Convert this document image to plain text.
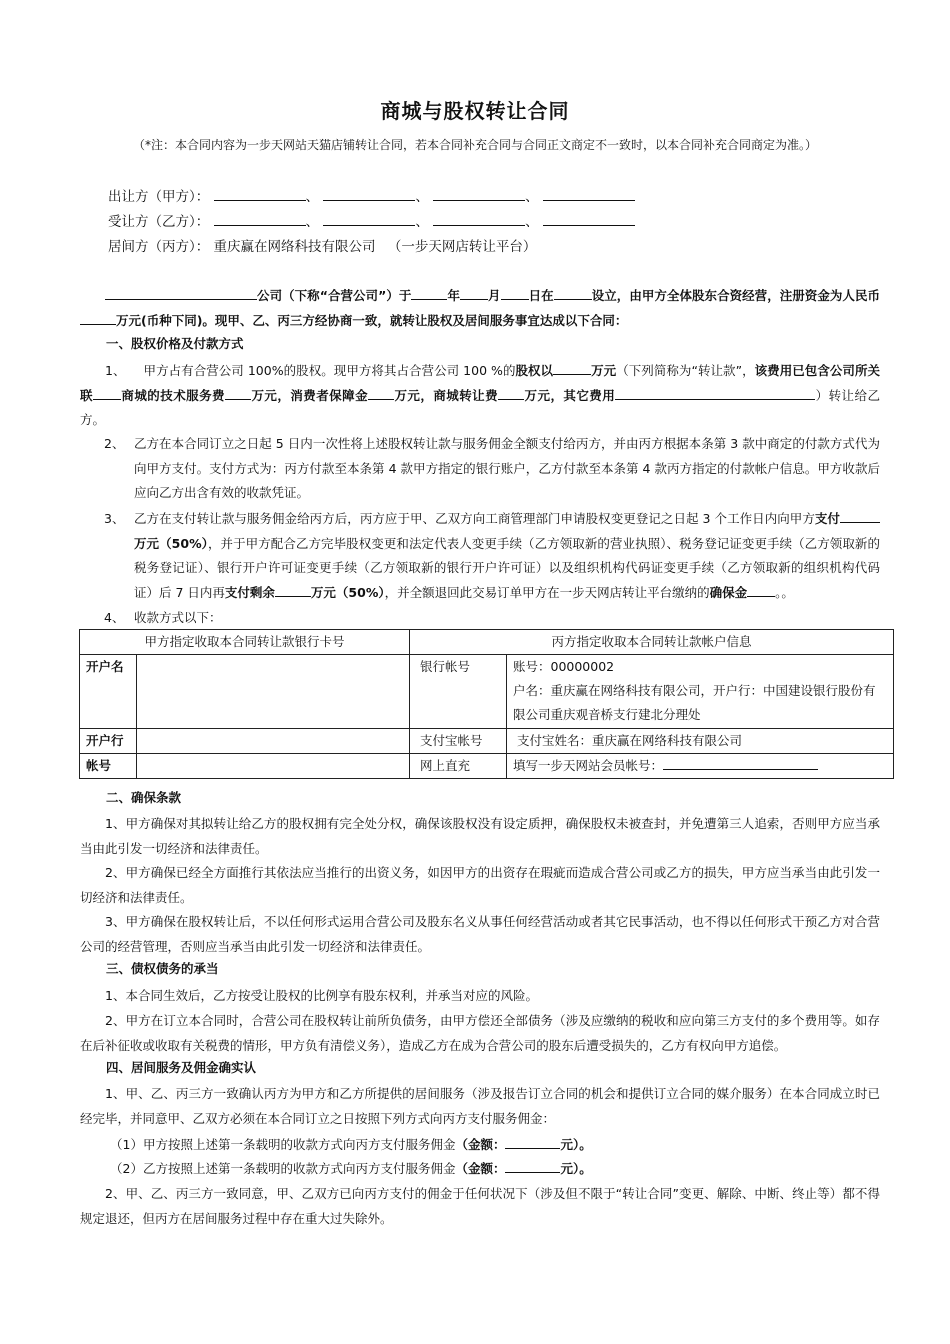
商城与股权转让合同
（*注：本合同内容为一步天网站天猫店铺转让合同，若本合同补充合同与合同正文商定不一致时，以本合同补充合同商定为准。）
出让方（甲方）：	、	、	、
受让方（乙方）：	、	、	、
居间方（丙方）： 重庆赢在网络科技有限公司 （一步天网店转让平台）
公司（下称“合营公司”）于	年 月 日在	设立，由甲方全体股东合资经营，注册资金为人民币万元(币种下同)。现甲、乙、丙三方经协商一致，就转让股权及居间服务事宜达成以下合同：
一、股权价格及付款方式
1、 甲方占有合营公司 100%的股权。现甲方将其占合营公司 100 %的股权以	万元（下列简称为“转让款”，该费用已包含公司所关联 商城的技术服务费 万元，消费者保障金 万元，商城转让费 万元，其它费用	）转让给乙方。
2、 乙方在本合同订立之日起 5 日内一次性将上述股权转让款与服务佣金全额支付给丙方，并由丙方根据本条第 3 款中商定的付款方式代为向甲方支付。支付方式为：丙方付款至本条第 4 款甲方指定的银行账户，乙方付款至本条第 4 款丙方指定的付款帐户信息。甲方收款后应向乙方出含有效的收款凭证。
3、 乙方在支付转让款与服务佣金给丙方后，丙方应于甲、乙双方向工商管理部门申请股权变更登记之日起 3 个工作日内向甲方支付万元（50%），并于甲方配合乙方完毕股权变更和法定代表人变更手续（乙方领取新的营业执照）、税务登记证变更手续（乙方领取新的税务登记证）、银行开户许可证变更手续（乙方领取新的银行开户许可证）以及组织机构代码证变更手续（乙方领取新的组织机构代码证）后 7 日内再支付剩余	万元（50%），并全额退回此交易订单甲方在一步天网店转让平台缴纳的确保金 。。
4、 收款方式以下：
甲方指定收取本合同转让款银行卡号		丙方指定收取本合同转让款帐户信息	
开户名		银行帐号	账号：00000002
户名：重庆赢在网络科技有限公司，开户行：中国建设银行股份有限公司重庆观音桥支行建北分理处

开户行		支付宝帐号	支付宝姓名：重庆赢在网络科技有限公司
帐号		网上直充	填写一步天网站会员帐号：
二、确保条款
1、甲方确保对其拟转让给乙方的股权拥有完全处分权，确保该股权没有设定质押，确保股权未被查封，并免遭第三人追索，否则甲方应当承当由此引发一切经济和法律责任。
2、甲方确保已经全方面推行其依法应当推行的出资义务，如因甲方的出资存在瑕疵而造成合营公司或乙方的损失，甲方应当承当由此引发一切经济和法律责任。
3、甲方确保在股权转让后，不以任何形式运用合营公司及股东名义从事任何经营活动或者其它民事活动，也不得以任何形式干预乙方对合营公司的经营管理，否则应当承当由此引发一切经济和法律责任。
三、债权债务的承当
1、本合同生效后，乙方按受让股权的比例享有股东权利，并承当对应的风险。
2、甲方在订立本合同时，合营公司在股权转让前所负债务，由甲方偿还全部债务（涉及应缴纳的税收和应向第三方支付的多个费用等。如存在后补征收或收取有关税费的情形，甲方负有清偿义务），造成乙方在成为合营公司的股东后遭受损失的，乙方有权向甲方追偿。
四、居间服务及佣金确实认
1、甲、乙、丙三方一致确认丙方为甲方和乙方所提供的居间服务（涉及报告订立合同的机会和提供订立合同的媒介服务）在本合同成立时已经完毕，并同意甲、乙双方必须在本合同订立之日按照下列方式向丙方支付服务佣金：
（1）甲方按照上述第一条载明的收款方式向丙方支付服务佣金（金额：	元）。
（2）乙方按照上述第一条载明的收款方式向丙方支付服务佣金（金额：	元）。
2、甲、乙、丙三方一致同意，甲、乙双方已向丙方支付的佣金于任何状况下（涉及但不限于“转让合同”变更、解除、中断、终止等）都不得规定退还，但丙方在居间服务过程中存在重大过失除外。
